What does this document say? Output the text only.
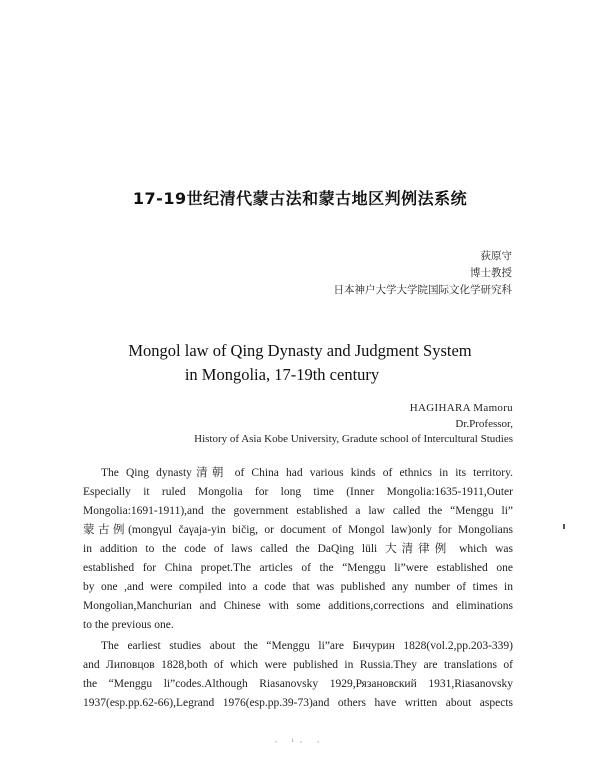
17-19世纪清代蒙古法和蒙古地区判例法系统
荻原守
博士教授
日本神户大学大学院国际文化学研究科
Mongol law of Qing Dynasty and Judgment System
in Mongolia, 17-19th century
HAGIHARA Mamoru
Dr.Professor,
History of Asia Kobe University, Gradute school of Intercultural Studies
The Qing dynasty清朝 of China had various kinds of ethnics in its territory.
Especially it ruled Mongolia for long time (Inner Mongolia:1635-1911,Outer
Mongolia:1691-1911),and the government established a law called the “Menggu li”
蒙古例(mongγul čaγaja-yin bičig, or document of Mongol law)only for Mongolians
in addition to the code of laws called the DaQing lüli 大清律例 which was
established for China propet.The articles of the “Menggu li”were established one
by one ,and were compiled into a code that was published any number of times in
Mongolian,Manchurian and Chinese with some additions,corrections and eliminations
to the previous one.
The earliest studies about the “Menggu li”are Бичурин 1828(vol.2,pp.203-339)
and Липовцов 1828,both of which were published in Russia.They are translations of
the “Menggu li”codes.Although Riasanovsky 1929,Рязановский 1931,Riasanovsky
1937(esp.pp.62-66),Legrand 1976(esp.pp.39-73)and others have written about aspects
· ⁱ· ·
